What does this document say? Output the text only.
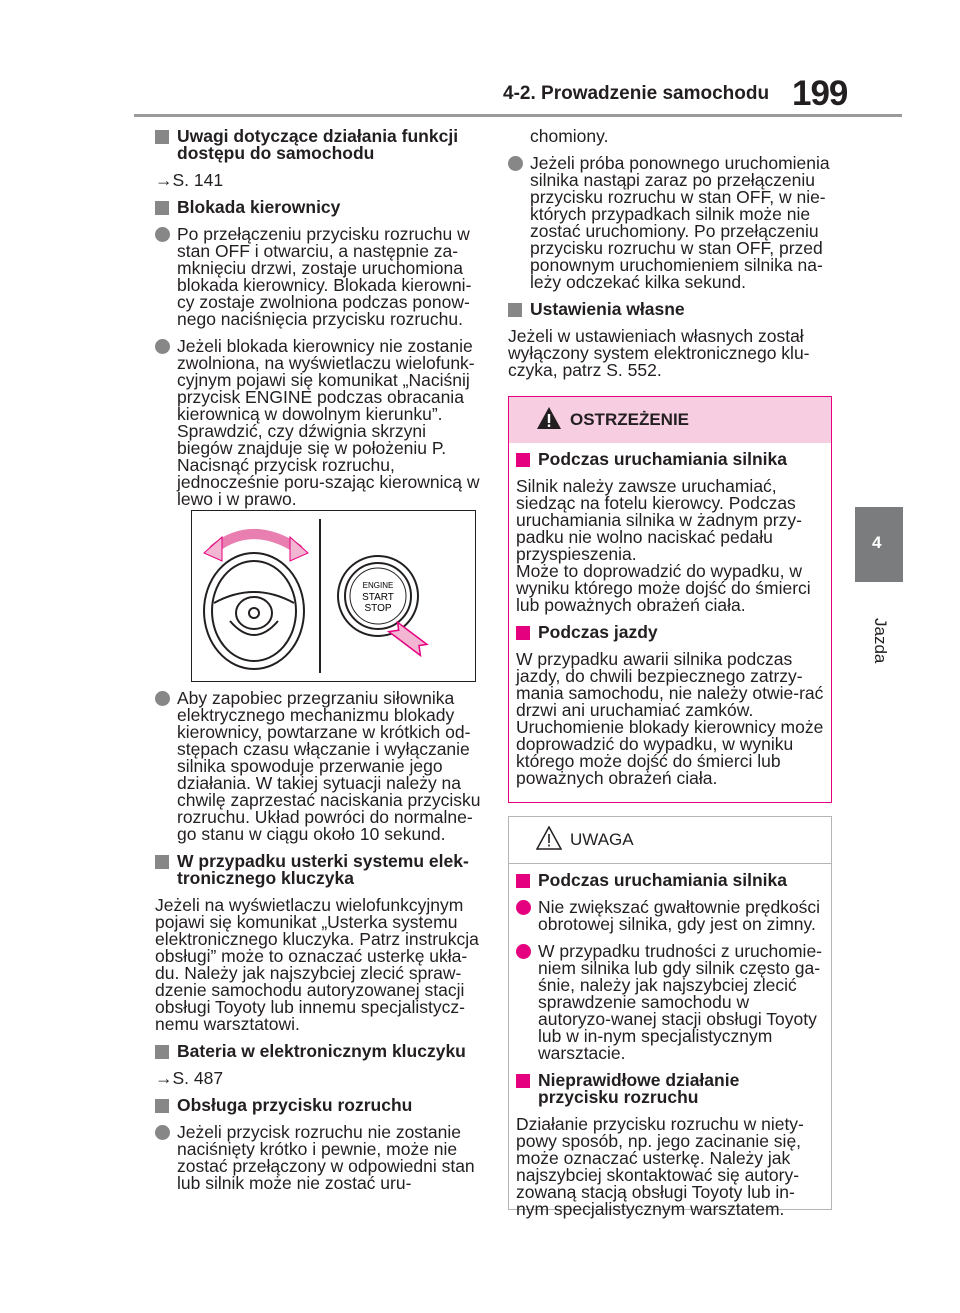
4-2. Prowadzenie samochodu 199
4
Jazda
Uwagi dotyczące działania funkcji dostępu do samochodu

→S. 141

Blokada kierownicy
Po przełączeniu przycisku rozruchu w stan OFF i otwarciu, a następnie za-mknięciu drzwi, zostaje uruchomiona blokada kierownicy. Blokada kierowni-cy zostaje zwolniona podczas ponow-nego naciśnięcia przycisku rozruchu.
Jeżeli blokada kierownicy nie zostanie zwolniona, na wyświetlaczu wielofunk-cyjnym pojawi się komunikat „Naciśnij przycisk ENGINE podczas obracania kierownicą w dowolnym kierunku”. Sprawdzić, czy dźwignia skrzyni biegów znajduje się w położeniu P. Nacisnąć przycisk rozruchu, jednocześnie poru-szając kierownicą w lewo i w prawo.
ENGINE
START
STOP
Aby zapobiec przegrzaniu siłownika elektrycznego mechanizmu blokady kierownicy, powtarzane w krótkich od-stępach czasu włączanie i wyłączanie silnika spowoduje przerwanie jego działania. W takiej sytuacji należy na chwilę zaprzestać naciskania przycisku rozruchu. Układ powróci do normalne-go stanu w ciągu około 10 sekund.
W przypadku usterki systemu elek-tronicznego kluczyka

Jeżeli na wyświetlaczu wielofunkcyjnym pojawi się komunikat „Usterka systemu elektronicznego kluczyka. Patrz instrukcja obsługi” może to oznaczać usterkę ukła-du. Należy jak najszybciej zlecić spraw-dzenie samochodu autoryzowanej stacji obsługi Toyoty lub innemu specjalistycz-nemu warsztatowi.

Bateria w elektronicznym kluczyku

→S. 487

Obsługa przycisku rozruchu
Jeżeli przycisk rozruchu nie zostanie naciśnięty krótko i pewnie, może nie zostać przełączony w odpowiedni stan lub silnik może nie zostać uru-

chomiony.

Jeżeli próba ponownego uruchomienia silnika nastąpi zaraz po przełączeniu przycisku rozruchu w stan OFF, w nie-których przypadkach silnik może nie zostać uruchomiony. Po przełączeniu przycisku rozruchu w stan OFF, przed ponownym uruchomieniem silnika na-leży odczekać kilka sekund.
Ustawienia własne

Jeżeli w ustawieniach własnych został wyłączony system elektronicznego klu-czyka, patrz S. 552.

OSTRZEŻENIE
Podczas uruchamiania silnika

Silnik należy zawsze uruchamiać, siedząc na fotelu kierowcy. Podczas uruchamiania silnika w żadnym przy-padku nie wolno naciskać pedału przyspieszenia.

Może to doprowadzić do wypadku, w wyniku którego może dojść do śmierci lub poważnych obrażeń ciała.

Podczas jazdy

W przypadku awarii silnika podczas jazdy, do chwili bezpiecznego zatrzy-mania samochodu, nie należy otwie-rać drzwi ani uruchamiać zamków. Uruchomienie blokady kierownicy może doprowadzić do wypadku, w wyniku którego może dojść do śmierci lub poważnych obrażeń ciała.

UWAGA
Podczas uruchamiania silnika
Nie zwiększać gwałtownie prędkości obrotowej silnika, gdy jest on zimny.
W przypadku trudności z uruchomie-niem silnika lub gdy silnik często ga-śnie, należy jak najszybciej zlecić sprawdzenie samochodu w autoryzo-wanej stacji obsługi Toyoty lub w in-nym specjalistycznym warsztacie.
Nieprawidłowe działanie przycisku rozruchu

Działanie przycisku rozruchu w niety-powy sposób, np. jego zacinanie się, może oznaczać usterkę. Należy jak najszybciej skontaktować się autory-zowaną stacją obsługi Toyoty lub in-nym specjalistycznym warsztatem.
